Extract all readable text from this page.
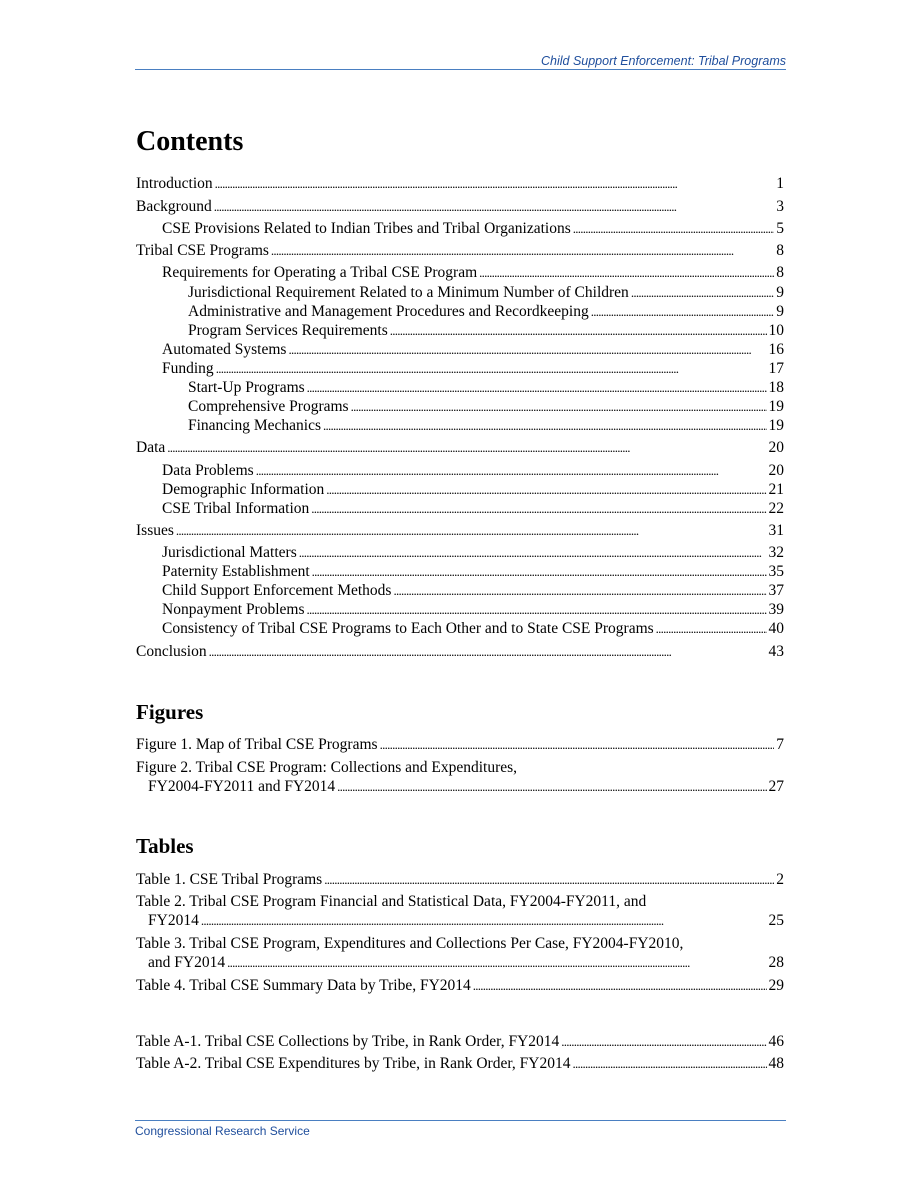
Child Support Enforcement: Tribal Programs
Contents
Introduction . . .	1
Background . . .	3
CSE Provisions Related to Indian Tribes and Tribal Organizations . . .	5
Tribal CSE Programs . . .	8
Requirements for Operating a Tribal CSE Program . . .	8
Jurisdictional Requirement Related to a Minimum Number of Children . . .	9
Administrative and Management Procedures and Recordkeeping . . .	9
Program Services Requirements . . .	10
Automated Systems . . .	16
Funding . . .	17
Start-Up Programs . . .	18
Comprehensive Programs . . .	19
Financing Mechanics . . .	19
Data . . .	20
Data Problems . . .	20
Demographic Information . . .	21
CSE Tribal Information . . .	22
Issues . . .	31
Jurisdictional Matters . . .	32
Paternity Establishment . . .	35
Child Support Enforcement Methods . . .	37
Nonpayment Problems . . .	39
Consistency of Tribal CSE Programs to Each Other and to State CSE Programs . . .	40
Conclusion . . .	43
Figures
Figure 1. Map of Tribal CSE Programs . . .	7
Figure 2. Tribal CSE Program: Collections and Expenditures,
FY2004-FY2011 and FY2014 . . .	27
Tables
Table 1. CSE Tribal Programs . . .	2
Table 2. Tribal CSE Program Financial and Statistical Data, FY2004-FY2011, and
FY2014 . . .	25
Table 3. Tribal CSE Program, Expenditures and Collections Per Case, FY2004-FY2010,
and FY2014 . . .	28
Table 4. Tribal CSE Summary Data by Tribe, FY2014 . . .	29
Table A-1. Tribal CSE Collections by Tribe, in Rank Order, FY2014 . . .	46
Table A-2. Tribal CSE Expenditures by Tribe, in Rank Order, FY2014 . . .	48
Congressional Research Service
